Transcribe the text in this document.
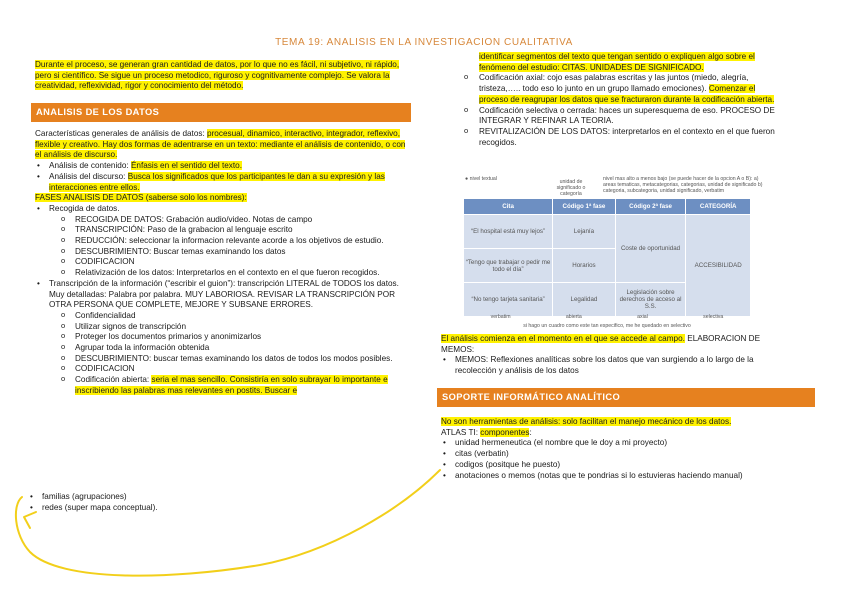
TEMA 19: ANALISIS EN LA INVESTIGACION CUALITATIVA

Durante el proceso, se generan gran cantidad de datos, por lo que no es fácil, ni subjetivo, ni rápido, pero si científico. Se sigue un proceso metodico, riguroso y cognitivamente complejo. Se valora la creatividad, reflexividad, rigor y conocimiento del método.

ANALISIS DE LOS DATOS

Características generales de análisis de datos: procesual, dinamico, interactivo, integrador, reflexivo, flexible y creativo. Hay dos formas de adentrarse en un texto: mediante el análisis de contenido, o con el análisis de discurso.

• Análisis de contenido: Énfasis en el sentido del texto.
• Análisis del discurso: Busca los significados que los participantes le dan a su expresión y las interacciones entre ellos.

FASES ANALISIS DE DATOS (saberse solo los nombres):

• Recogida de datos.
o RECOGIDA DE DATOS: Grabación audio/video. Notas de campo
o TRANSCRIPCIÓN: Paso de la grabacion al lenguaje escrito
o REDUCCIÓN: seleccionar la informacion relevante acorde a los objetivos de estudio.
o DESCUBRIMIENTO: Buscar temas examinando los datos
o CODIFICACION
o Relativización de los datos: Interpretarlos en el contexto en el que fueron recogidos.
• Transcripción de la información (“escribir el guion”): transcripción LITERAL de TODOS los datos. Muy detalladas: Palabra por palabra. MUY LABORIOSA. REVISAR LA TRANSCRIPCIÓN POR OTRA PERSONA QUE COMPLETE, MEJORE Y SUBSANE ERRORES.
o Confidencialidad
o Utilizar signos de transcripción
o Proteger los documentos primarios y anonimizarlos
o Agrupar toda la información obtenida
o DESCUBRIMIENTO: buscar temas examinando los datos de todos los modos posibles.
o CODIFICACION
o Codificación abierta: seria el mas sencillo. Consistiría en solo subrayar lo importante e inscribiendo las palabras mas relevantes en postits. Buscar e
• familias (agrupaciones)
• redes (super mapa conceptual).

identificar segmentos del texto que tengan sentido o expliquen algo sobre el fenómeno del estudio: CITAS. UNIDADES DE SIGNIFICADO.

o Codificación axial: cojo esas palabras escritas y las juntos (miedo, alegría, tristeza,….. todo eso lo junto en un grupo llamado emociones). Comenzar el proceso de reagrupar los datos que se fracturaron durante la codificación abierta.
o Codificación selectiva o cerrada: haces un superesquema de eso. PROCESO DE INTEGRAR Y REFINAR LA TEORIA.
o REVITALIZACIÓN DE LOS DATOS: interpretarlos en el contexto en el que fueron recogidos.
● nivel textual	unidad de significado o categoría
nivel mas alto a menos bajo (se puede hacer de la opcion A o B): a) areas tematicas, metacategorias, categorias, unidad de significado b) categoria, subcategoria, unidad significado, verbatim
Cita	Código 1ª fase	Código 2ª fase	CATEGORÍA
“El hospital está muy lejos”	Lejanía	Coste de oportunidad	ACCESIBILIDAD
“Tengo que trabajar o pedir me todo el día”	Horarios		
“No tengo tarjeta sanitaria”	Legalidad	Legislación sobre derechos de acceso al S.S.	
verbatim	abierta	axial	selectiva
si hago un cuadro como este tan especifico, me he quedado en selectivo

El análisis comienza en el momento en el que se accede al campo. ELABORACION DE MEMOS:

• MEMOS: Reflexiones analíticas sobre los datos que van surgiendo a lo largo de la recolección y análisis de los datos
SOPORTE INFORMÁTICO ANALÍTICO

No son herramientas de análisis: solo facilitan el manejo mecánico de los datos.

ATLAS TI: componentes:

• unidad hermeneutica (el nombre que le doy a mi proyecto)
• citas (verbatin)
• codigos (positque he puesto)
• anotaciones o memos (notas que te pondrias si lo estuvieras haciendo manual)
